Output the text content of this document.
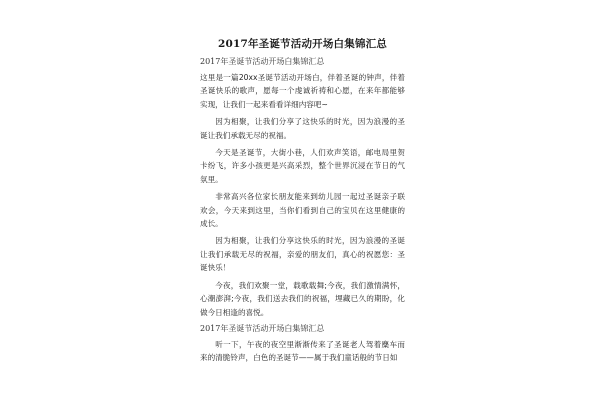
2017年圣诞节活动开场白集锦汇总
2017年圣诞节活动开场白集锦汇总

这里是一篇20xx圣诞节活动开场白，伴着圣诞的钟声，伴着圣诞快乐的歌声，愿每一个虔诚祈祷和心愿，在来年都能够实现，让我们一起来看看详细内容吧~

因为相聚，让我们分享了这快乐的时光，因为浪漫的圣诞让我们承载无尽的祝福。

今天是圣诞节，大街小巷，人们欢声笑语，邮电局里贺卡纷飞，许多小孩更是兴高采烈，整个世界沉浸在节日的气氛里。

非常高兴各位家长朋友能来到幼儿园一起过圣诞亲子联欢会，今天来到这里，当你们看到自己的宝贝在这里健康的成长。

因为相聚，让我们分享这快乐的时光，因为浪漫的圣诞让我们承载无尽的祝福，亲爱的朋友们，真心的祝愿您：圣诞快乐！

今夜，我们欢聚一堂，载歌载舞;今夜，我们激情满怀，心潮澎湃;今夜，我们送去我们的祝福，埋藏已久的期盼，化做今日相逢的喜悦。

2017年圣诞节活动开场白集锦汇总

听一下，午夜的夜空里渐渐传来了圣诞老人驾着麋车而来的清脆铃声，白色的圣诞节——属于我们童话般的节日如
